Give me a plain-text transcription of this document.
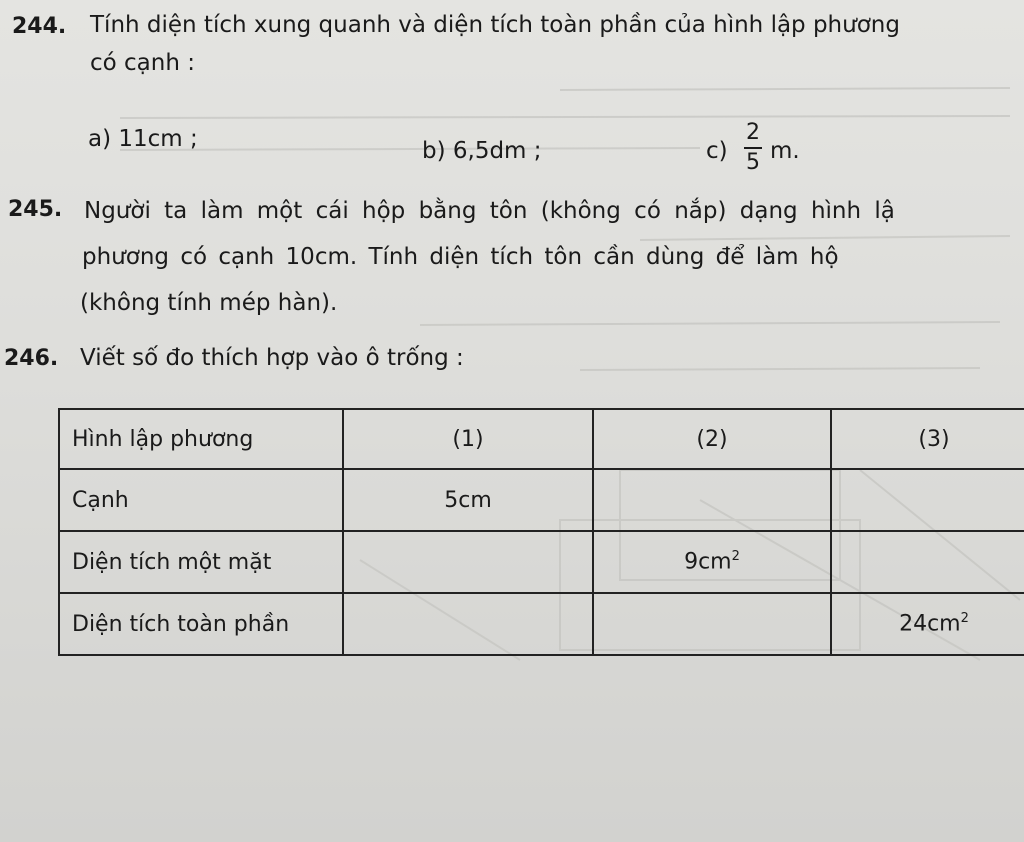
244. Tính diện tích xung quanh và diện tích toàn phần của hình lập phương
có cạnh :
a) 11cm ;	b) 6,5dm ;	c)
2
5 m.
245. Người ta làm một cái hộp bằng tôn (không có nắp) dạng hình lậ
phương có cạnh 10cm. Tính diện tích tôn cần dùng để làm hộ
(không tính mép hàn).
246. Viết số đo thích hợp vào ô trống :
Hình lập phương	(1)	(2)	(3)
Cạnh	5cm		
Diện tích một mặt		$9cm^2$	
Diện tích toàn phần			$24cm^2$
